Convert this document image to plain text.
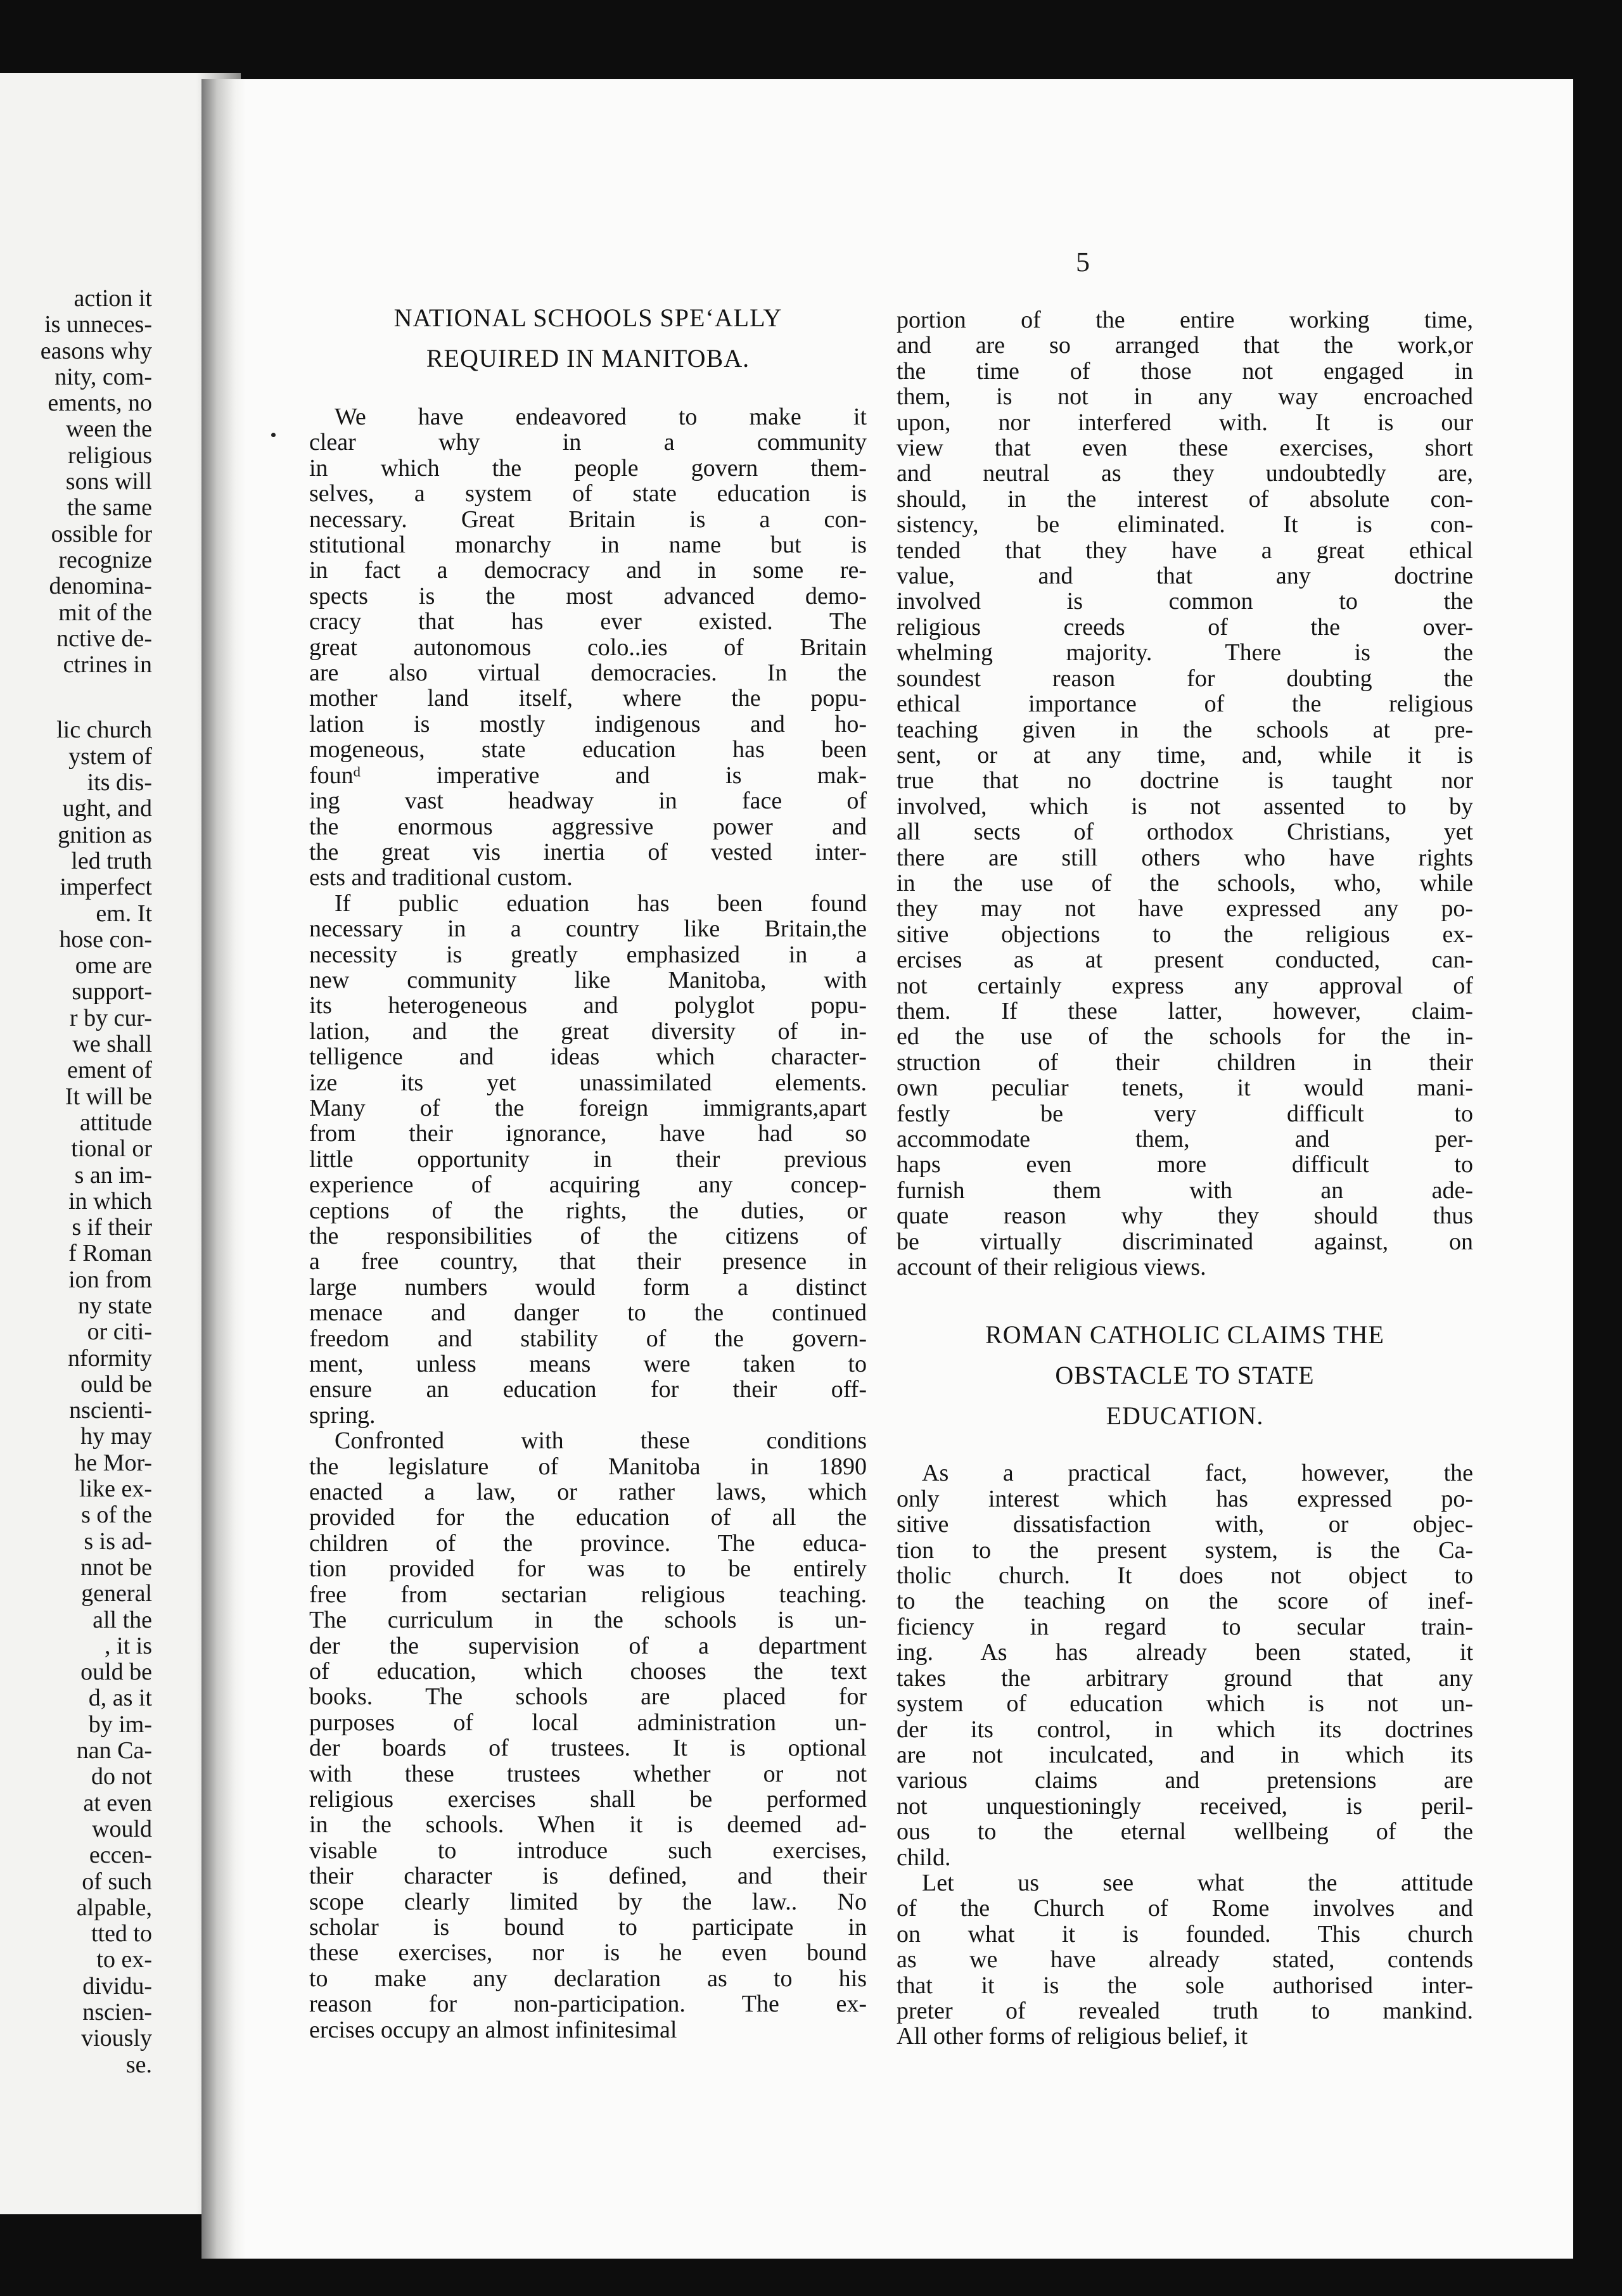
action it
is unneces-
easons why
nity, com-
ements, no
ween the
religious
sons will
the same
ossible for
recognize
denomina-
mit of the
nctive de-
ctrines in
lic church
ystem of
its dis-
ught, and
gnition as
led truth
imperfect
em. It
hose con-
ome are
support-
r by cur-
we shall
ement of
It will be
attitude
tional or
s an im-
in which
s if their
f Roman
ion from
ny state
or citi-
nformity
ould be
nscienti-
hy may
he Mor-
like ex-
s of the
s is ad-
nnot be
general
all the
, it is
ould be
d, as it
by im-
nan Ca-
do not
at even
would
eccen-
of such
alpable,
tted to
to ex-
dividu-
nscien-
viously
se.
5
NATIONAL SCHOOLS SPEʻALLY
REQUIRED IN MANITOBA.

We have endeavored to make it

clear why in a community

in which the people govern them-

selves, a system of state education is

necessary. Great Britain is a con-

stitutional monarchy in name but is

in fact a democracy and in some re-

spects is the most advanced demo-

cracy that has ever existed. The

great autonomous colo..ies of Britain

are also virtual democracies. In the

mother land itself, where the popu-

lation is mostly indigenous and ho-

mogeneous, state education has been

founᵈ imperative and is mak-

ing vast headway in face of

the enormous aggressive power and

the great vis inertia of vested inter-

ests and traditional custom.

If public eduation has been found

necessary in a country like Britain,the

necessity is greatly emphasized in a

new community like Manitoba, with

its heterogeneous and polyglot popu-

lation, and the great diversity of in-

telligence and ideas which character-

ize its yet unassimilated elements.

Many of the foreign immigrants,apart

from their ignorance, have had so

little opportunity in their previous

experience of acquiring any concep-

ceptions of the rights, the duties, or

the responsibilities of the citizens of

a free country, that their presence in

large numbers would form a distinct

menace and danger to the continued

freedom and stability of the govern-

ment, unless means were taken to

ensure an education for their off-

spring.

Confronted with these conditions

the legislature of Manitoba in 1890

enacted a law, or rather laws, which

provided for the education of all the

children of the province. The educa-

tion provided for was to be entirely

free from sectarian religious teaching.

The curriculum in the schools is un-

der the supervision of a department

of education, which chooses the text

books. The schools are placed for

purposes of local administration un-

der boards of trustees. It is optional

with these trustees whether or not

religious exercises shall be performed

in the schools. When it is deemed ad-

visable to introduce such exercises,

their character is defined, and their

scope clearly limited by the law.. No

scholar is bound to participate in

these exercises, nor is he even bound

to make any declaration as to his

reason for non-participation. The ex-

ercises occupy an almost infinitesimal

portion of the entire working time,

and are so arranged that the work,or

the time of those not engaged in

them, is not in any way encroached

upon, nor interfered with. It is our

view that even these exercises, short

and neutral as they undoubtedly are,

should, in the interest of absolute con-

sistency, be eliminated. It is con-

tended that they have a great ethical

value, and that any doctrine

involved is common to the

religious creeds of the over-

whelming majority. There is the

soundest reason for doubting the

ethical importance of the religious

teaching given in the schools at pre-

sent, or at any time, and, while it is

true that no doctrine is taught nor

involved, which is not assented to by

all sects of orthodox Christians, yet

there are still others who have rights

in the use of the schools, who, while

they may not have expressed any po-

sitive objections to the religious ex-

ercises as at present conducted, can-

not certainly express any approval of

them. If these latter, however, claim-

ed the use of the schools for the in-

struction of their children in their

own peculiar tenets, it would mani-

festly be very difficult to

accommodate them, and per-

haps even more difficult to

furnish them with an ade-

quate reason why they should thus

be virtually discriminated against, on

account of their religious views.

ROMAN CATHOLIC CLAIMS THE
OBSTACLE TO STATE
EDUCATION.

As a practical fact, however, the

only interest which has expressed po-

sitive dissatisfaction with, or objec-

tion to the present system, is the Ca-

tholic church. It does not object to

to the teaching on the score of inef-

ficiency in regard to secular train-

ing. As has already been stated, it

takes the arbitrary ground that any

system of education which is not un-

der its control, in which its doctrines

are not inculcated, and in which its

various claims and pretensions are

not unquestioningly received, is peril-

ous to the eternal wellbeing of the

child.

Let us see what the attitude

of the Church of Rome involves and

on what it is founded. This church

as we have already stated, contends

that it is the sole authorised inter-

preter of revealed truth to mankind.

All other forms of religious belief, it
